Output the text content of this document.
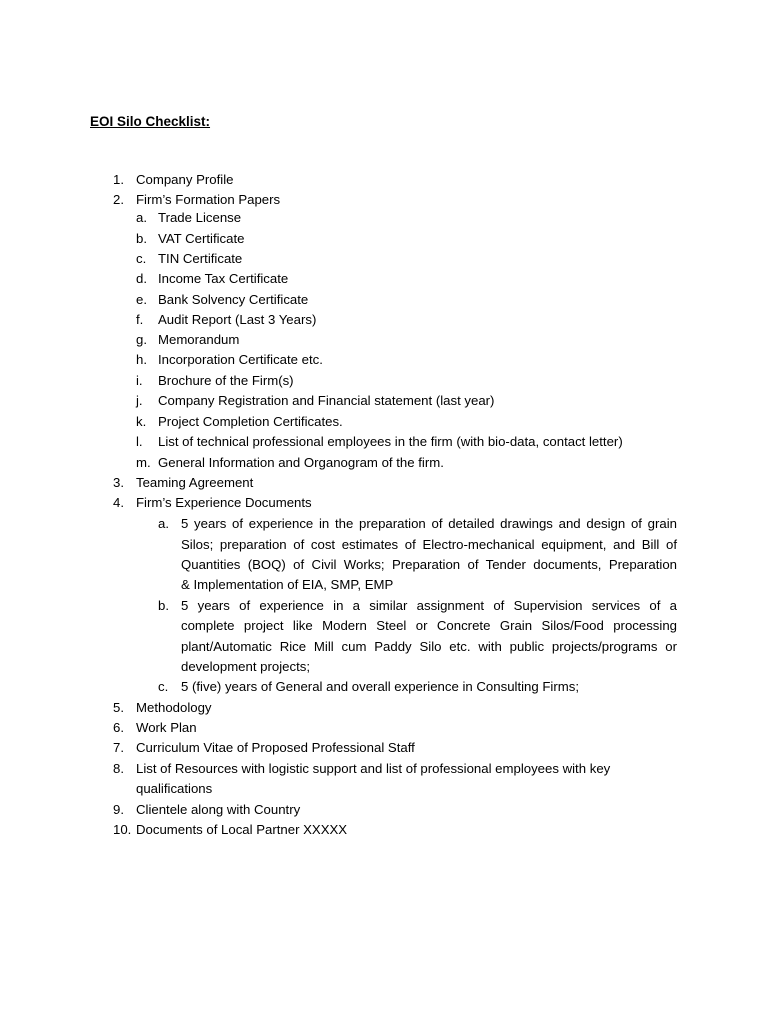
EOI Silo Checklist:
1. Company Profile
2. Firm’s Formation Papers
a. Trade License
b. VAT Certificate
c. TIN Certificate
d. Income Tax Certificate
e. Bank Solvency Certificate
f. Audit Report (Last 3 Years)
g. Memorandum
h. Incorporation Certificate etc.
i. Brochure of the Firm(s)
j. Company Registration and Financial statement (last year)
k. Project Completion Certificates.
l. List of technical professional employees in the firm (with bio-data, contact letter)
m. General Information and Organogram of the firm.
3. Teaming Agreement
4. Firm’s Experience Documents
a. 5 years of experience in the preparation of detailed drawings and design of grain
Silos; preparation of cost estimates of Electro-mechanical equipment, and Bill of
Quantities (BOQ) of Civil Works; Preparation of Tender documents, Preparation
& Implementation of EIA, SMP, EMP
b. 5 years of experience in a similar assignment of Supervision services of a
complete project like Modern Steel or Concrete Grain Silos/Food processing
plant/Automatic Rice Mill cum Paddy Silo etc. with public projects/programs or
development projects;
c. 5 (five) years of General and overall experience in Consulting Firms;
5. Methodology
6. Work Plan
7. Curriculum Vitae of Proposed Professional Staff
8. List of Resources with logistic support and list of professional employees with key
qualifications
9. Clientele along with Country
10. Documents of Local Partner XXXXX
